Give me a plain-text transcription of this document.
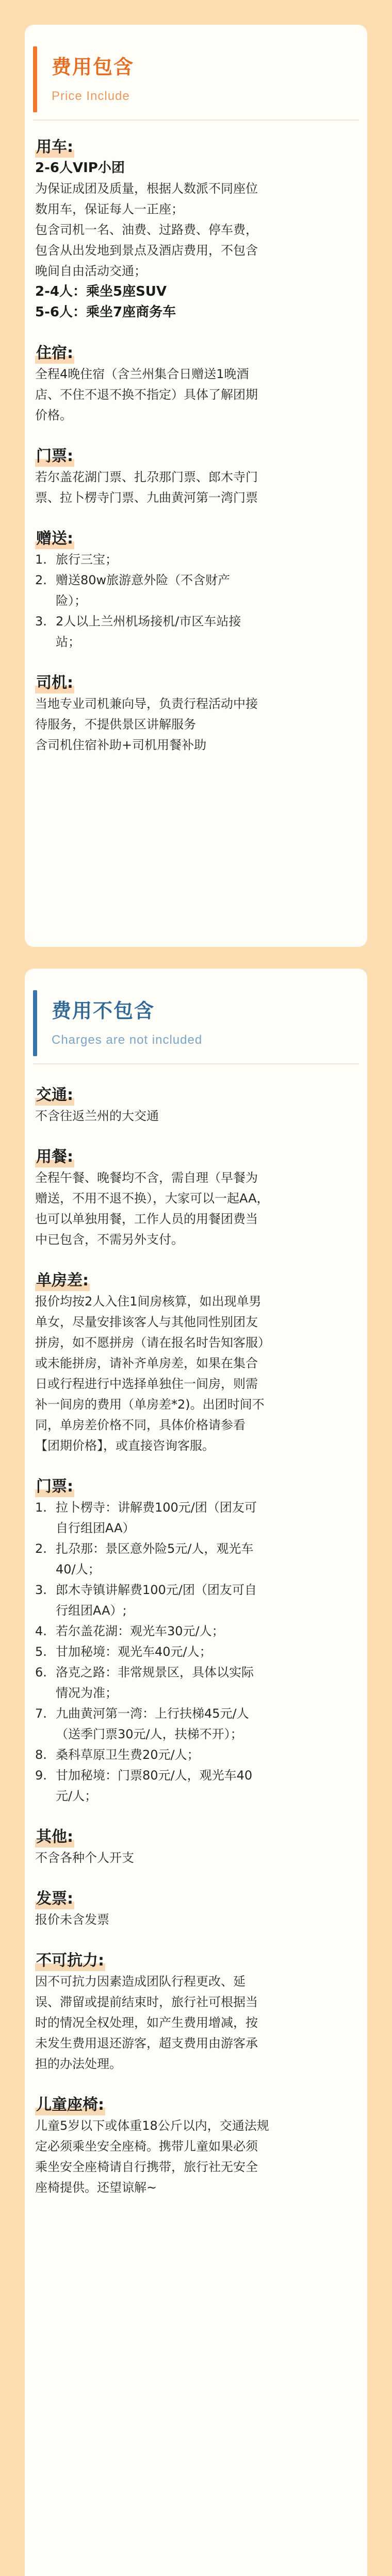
费用包含
Price Include
用车:

2-6人VIP小团

为保证成团及质量，根据人数派不同座位

数用车，保证每人一正座；

包含司机一名、油费、过路费、停车费，

包含从出发地到景点及酒店费用，不包含

晚间自由活动交通；

2-4人：乘坐5座SUV

5-6人：乘坐7座商务车

住宿:

全程4晚住宿（含兰州集合日赠送1晚酒

店、不住不退不换不指定）具体了解团期

价格。

门票:

若尔盖花湖门票、扎尕那门票、郎木寺门

票、拉卜楞寺门票、九曲黄河第一湾门票

赠送:
1. 旅行三宝；
2. 赠送80w旅游意外险（不含财产
险）；
3. 2人以上兰州机场接机/市区车站接
站；
司机:

当地专业司机兼向导，负责行程活动中接

待服务，不提供景区讲解服务

含司机住宿补助+司机用餐补助

费用不包含
Charges are not included
交通:

不含往返兰州的大交通

用餐:

全程午餐、晚餐均不含，需自理（早餐为

赠送，不用不退不换），大家可以一起AA，

也可以单独用餐，工作人员的用餐团费当

中已包含，不需另外支付。

单房差:

报价均按2人入住1间房核算，如出现单男

单女，尽量安排该客人与其他同性别团友

拼房，如不愿拼房（请在报名时告知客服）

或未能拼房，请补齐单房差，如果在集合

日或行程进行中选择单独住一间房，则需

补一间房的费用（单房差*2)。出团时间不

同，单房差价格不同，具体价格请参看

【团期价格】，或直接咨询客服。

门票:
1. 拉卜楞寺：讲解费100元/团（团友可
自行组团AA）
2. 扎尕那：景区意外险5元/人，观光车
40/人；
3. 郎木寺镇讲解费100元/团（团友可自
行组团AA）;
4. 若尔盖花湖：观光车30元/人；
5. 甘加秘境：观光车40元/人；
6. 洛克之路：非常规景区，具体以实际
情况为准；
7. 九曲黄河第一湾：上行扶梯45元/人
（送季门票30元/人，扶梯不开）；
8. 桑科草原卫生费20元/人；
9. 甘加秘境：门票80元/人，观光车40
元/人；
其他:

不含各种个人开支

发票:

报价未含发票

不可抗力:

因不可抗力因素造成团队行程更改、延

误、滞留或提前结束时，旅行社可根据当

时的情况全权处理，如产生费用增减，按

未发生费用退还游客，超支费用由游客承

担的办法处理。

儿童座椅:

儿童5岁以下或体重18公斤以内，交通法规

定必须乘坐安全座椅。携带儿童如果必须

乘坐安全座椅请自行携带，旅行社无安全

座椅提供。还望谅解~
